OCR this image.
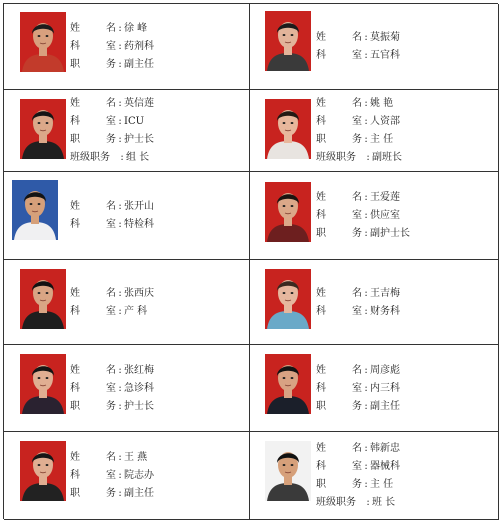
姓	名 : 徐 峰
科	室 : 药剂科
职	务 : 副主任
姓	名 : 莫振菊
科	室 : 五官科
姓	名 : 英信莲
科	室 : ICU
职	务 : 护士长
班级职务	: 组 长
姓	名 : 姚 艳
科	室 : 人资部
职	务 : 主 任
班级职务	: 副班长
姓	名 : 张开山
科	室 : 特检科
姓	名 : 王爱莲
科	室 : 供应室
职	务 : 副护士长
姓	名 : 张西庆
科	室 : 产 科
姓	名 : 王吉梅
科	室 : 财务科
姓	名 : 张红梅
科	室 : 急诊科
职	务 : 护士长
姓	名 : 周彦彪
科	室 : 内三科
职	务 : 副主任
姓	名 : 王 燕
科	室 : 院志办
职	务 : 副主任
姓	名 : 韩新忠
科	室 : 器械科
职	务 : 主 任
班级职务	: 班 长
